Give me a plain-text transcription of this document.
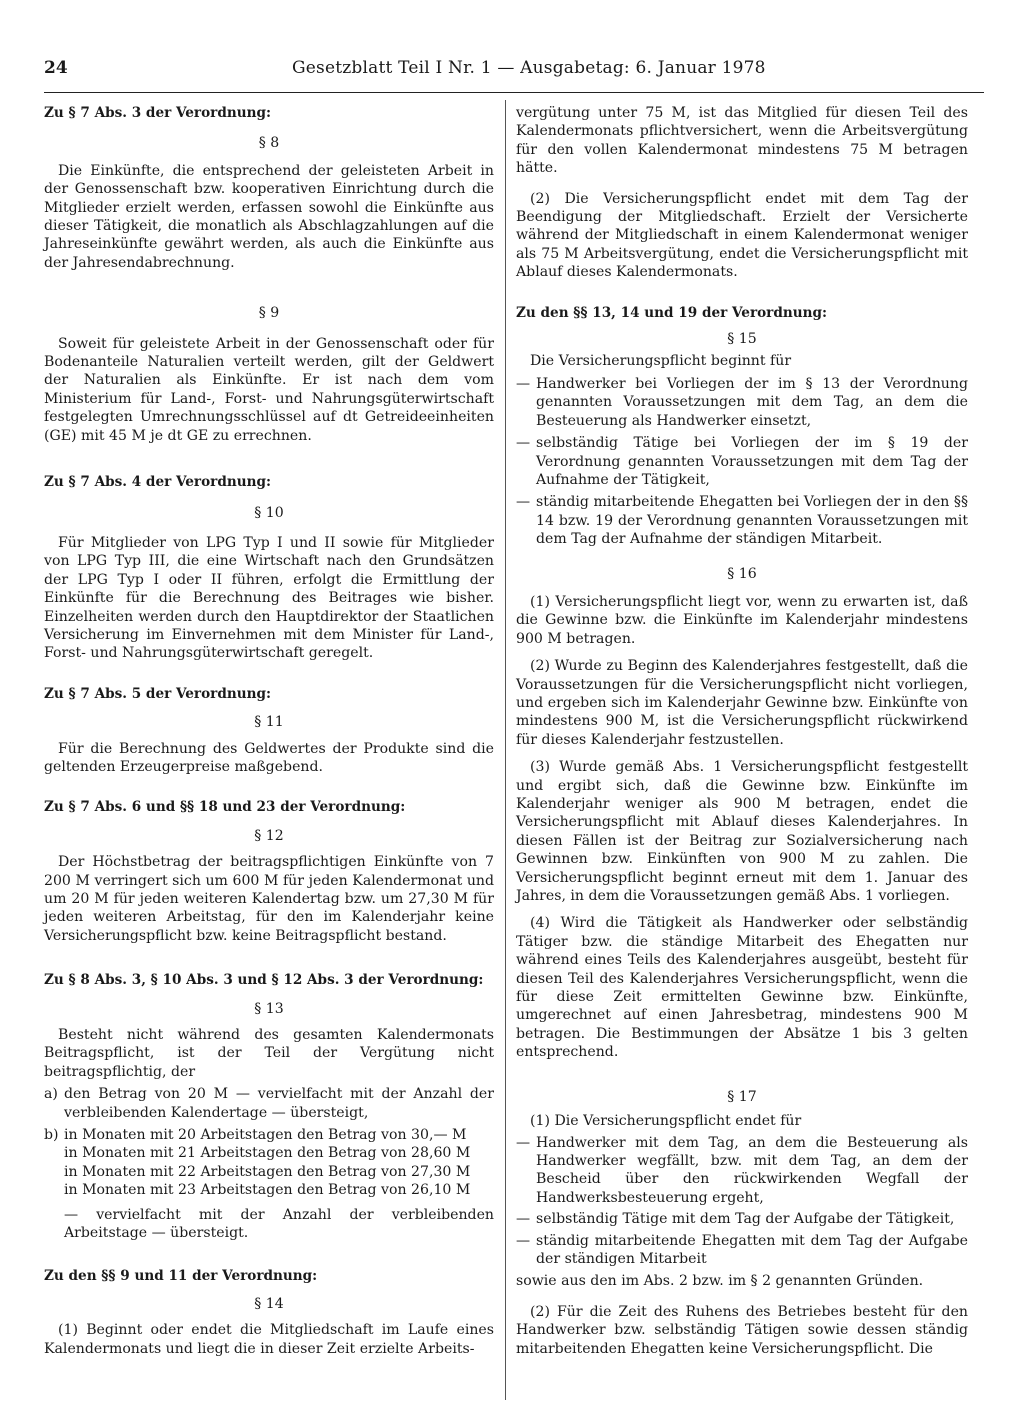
24	Gesetzblatt Teil I Nr. 1 — Ausgabetag: 6. Januar 1978

Zu § 7 Abs. 3 der Verordnung:

§ 8

Die Einkünfte, die entsprechend der geleisteten Arbeit in der Genossenschaft bzw. kooperativen Einrichtung durch die Mitglieder erzielt werden, erfassen sowohl die Einkünfte aus dieser Tätigkeit, die monatlich als Abschlagzahlungen auf die Jahreseinkünfte gewährt werden, als auch die Einkünfte aus der Jahresendabrechnung.

§ 9

Soweit für geleistete Arbeit in der Genossenschaft oder für Bodenanteile Naturalien verteilt werden, gilt der Geldwert der Naturalien als Einkünfte. Er ist nach dem vom Ministerium für Land-, Forst- und Nahrungsgüterwirtschaft festgelegten Umrechnungsschlüssel auf dt Getreideeinheiten (GE) mit 45 M je dt GE zu errechnen.

Zu § 7 Abs. 4 der Verordnung:

§ 10

Für Mitglieder von LPG Typ I und II sowie für Mitglieder von LPG Typ III, die eine Wirtschaft nach den Grundsätzen der LPG Typ I oder II führen, erfolgt die Ermittlung der Einkünfte für die Berechnung des Beitrages wie bisher. Einzelheiten werden durch den Hauptdirektor der Staatlichen Versicherung im Einvernehmen mit dem Minister für Land-, Forst- und Nahrungsgüterwirtschaft geregelt.

Zu § 7 Abs. 5 der Verordnung:

§ 11

Für die Berechnung des Geldwertes der Produkte sind die geltenden Erzeugerpreise maßgebend.

Zu § 7 Abs. 6 und §§ 18 und 23 der Verordnung:

§ 12

Der Höchstbetrag der beitragspflichtigen Einkünfte von 7 200 M verringert sich um 600 M für jeden Kalendermonat und um 20 M für jeden weiteren Kalendertag bzw. um 27,30 M für jeden weiteren Arbeitstag, für den im Kalenderjahr keine Versicherungspflicht bzw. keine Beitragspflicht bestand.

Zu § 8 Abs. 3, § 10 Abs. 3 und § 12 Abs. 3 der Verordnung:

§ 13

Besteht nicht während des gesamten Kalendermonats Beitragspflicht, ist der Teil der Vergütung nicht beitragspflichtig, der

a) den Betrag von 20 M — vervielfacht mit der Anzahl der verbleibenden Kalendertage — übersteigt,
b) in Monaten mit 20 Arbeitstagen den Betrag von 30,— M
in Monaten mit 21 Arbeitstagen den Betrag von 28,60 M
in Monaten mit 22 Arbeitstagen den Betrag von 27,30 M
in Monaten mit 23 Arbeitstagen den Betrag von 26,10 M

— vervielfacht mit der Anzahl der verbleibenden Arbeitstage — übersteigt.

Zu den §§ 9 und 11 der Verordnung:

§ 14

(1) Beginnt oder endet die Mitgliedschaft im Laufe eines Kalendermonats und liegt die in dieser Zeit erzielte Arbeits-

vergütung unter 75 M, ist das Mitglied für diesen Teil des Kalendermonats pflichtversichert, wenn die Arbeitsvergütung für den vollen Kalendermonat mindestens 75 M betragen hätte.

(2) Die Versicherungspflicht endet mit dem Tag der Beendigung der Mitgliedschaft. Erzielt der Versicherte während der Mitgliedschaft in einem Kalendermonat weniger als 75 M Arbeitsvergütung, endet die Versicherungspflicht mit Ablauf dieses Kalendermonats.

Zu den §§ 13, 14 und 19 der Verordnung:

§ 15

Die Versicherungspflicht beginnt für

— Handwerker bei Vorliegen der im § 13 der Verordnung genannten Voraussetzungen mit dem Tag, an dem die Besteuerung als Handwerker einsetzt,
— selbständig Tätige bei Vorliegen der im § 19 der Verordnung genannten Voraussetzungen mit dem Tag der Aufnahme der Tätigkeit,
— ständig mitarbeitende Ehegatten bei Vorliegen der in den §§ 14 bzw. 19 der Verordnung genannten Voraussetzungen mit dem Tag der Aufnahme der ständigen Mitarbeit.

§ 16

(1) Versicherungspflicht liegt vor, wenn zu erwarten ist, daß die Gewinne bzw. die Einkünfte im Kalenderjahr mindestens 900 M betragen.

(2) Wurde zu Beginn des Kalenderjahres festgestellt, daß die Voraussetzungen für die Versicherungspflicht nicht vorliegen, und ergeben sich im Kalenderjahr Gewinne bzw. Einkünfte von mindestens 900 M, ist die Versicherungspflicht rückwirkend für dieses Kalenderjahr festzustellen.

(3) Wurde gemäß Abs. 1 Versicherungspflicht festgestellt und ergibt sich, daß die Gewinne bzw. Einkünfte im Kalenderjahr weniger als 900 M betragen, endet die Versicherungspflicht mit Ablauf dieses Kalenderjahres. In diesen Fällen ist der Beitrag zur Sozialversicherung nach Gewinnen bzw. Einkünften von 900 M zu zahlen. Die Versicherungspflicht beginnt erneut mit dem 1. Januar des Jahres, in dem die Voraussetzungen gemäß Abs. 1 vorliegen.

(4) Wird die Tätigkeit als Handwerker oder selbständig Tätiger bzw. die ständige Mitarbeit des Ehegatten nur während eines Teils des Kalenderjahres ausgeübt, besteht für diesen Teil des Kalenderjahres Versicherungspflicht, wenn die für diese Zeit ermittelten Gewinne bzw. Einkünfte, umgerechnet auf einen Jahresbetrag, mindestens 900 M betragen. Die Bestimmungen der Absätze 1 bis 3 gelten entsprechend.

§ 17

(1) Die Versicherungspflicht endet für

— Handwerker mit dem Tag, an dem die Besteuerung als Handwerker wegfällt, bzw. mit dem Tag, an dem der Bescheid über den rückwirkenden Wegfall der Handwerksbesteuerung ergeht,
— selbständig Tätige mit dem Tag der Aufgabe der Tätigkeit,
— ständig mitarbeitende Ehegatten mit dem Tag der Aufgabe der ständigen Mitarbeit

sowie aus den im Abs. 2 bzw. im § 2 genannten Gründen.

(2) Für die Zeit des Ruhens des Betriebes besteht für den Handwerker bzw. selbständig Tätigen sowie dessen ständig mitarbeitenden Ehegatten keine Versicherungspflicht. Die
